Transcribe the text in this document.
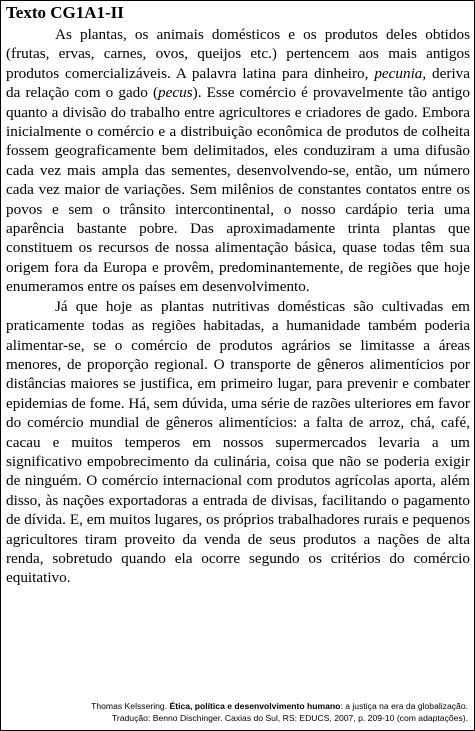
Texto CG1A1-II

As plantas, os animais domésticos e os produtos deles obtidos (frutas, ervas, carnes, ovos, queijos etc.) pertencem aos mais antigos produtos comercializáveis. A palavra latina para dinheiro, pecunia, deriva da relação com o gado (pecus). Esse comércio é provavelmente tão antigo quanto a divisão do trabalho entre agricultores e criadores de gado. Embora inicialmente o comércio e a distribuição econômica de produtos de colheita fossem geograficamente bem delimitados, eles conduziram a uma difusão cada vez mais ampla das sementes, desenvolvendo-se, então, um número cada vez maior de variações. Sem milênios de constantes contatos entre os povos e sem o trânsito intercontinental, o nosso cardápio teria uma aparência bastante pobre. Das aproximadamente trinta plantas que constituem os recursos de nossa alimentação básica, quase todas têm sua origem fora da Europa e provêm, predominantemente, de regiões que hoje enumeramos entre os países em desenvolvimento.

Já que hoje as plantas nutritivas domésticas são cultivadas em praticamente todas as regiões habitadas, a humanidade também poderia alimentar-se, se o comércio de produtos agrários se limitasse a áreas menores, de proporção regional. O transporte de gêneros alimentícios por distâncias maiores se justifica, em primeiro lugar, para prevenir e combater epidemias de fome. Há, sem dúvida, uma série de razões ulteriores em favor do comércio mundial de gêneros alimentícios: a falta de arroz, chá, café, cacau e muitos temperos em nossos supermercados levaria a um significativo empobrecimento da culinária, coisa que não se poderia exigir de ninguém. O comércio internacional com produtos agrícolas aporta, além disso, às nações exportadoras a entrada de divisas, facilitando o pagamento de dívida. E, em muitos lugares, os próprios trabalhadores rurais e pequenos agricultores tiram proveito da venda de seus produtos a nações de alta renda, sobretudo quando ela ocorre segundo os critérios do comércio equitativo.

Thomas Kelssering. Ética, política e desenvolvimento humano: a justiça na era da globalização.
Tradução: Benno Dischinger. Caxias do Sul, RS: EDUCS, 2007, p. 209-10 (com adaptações).
